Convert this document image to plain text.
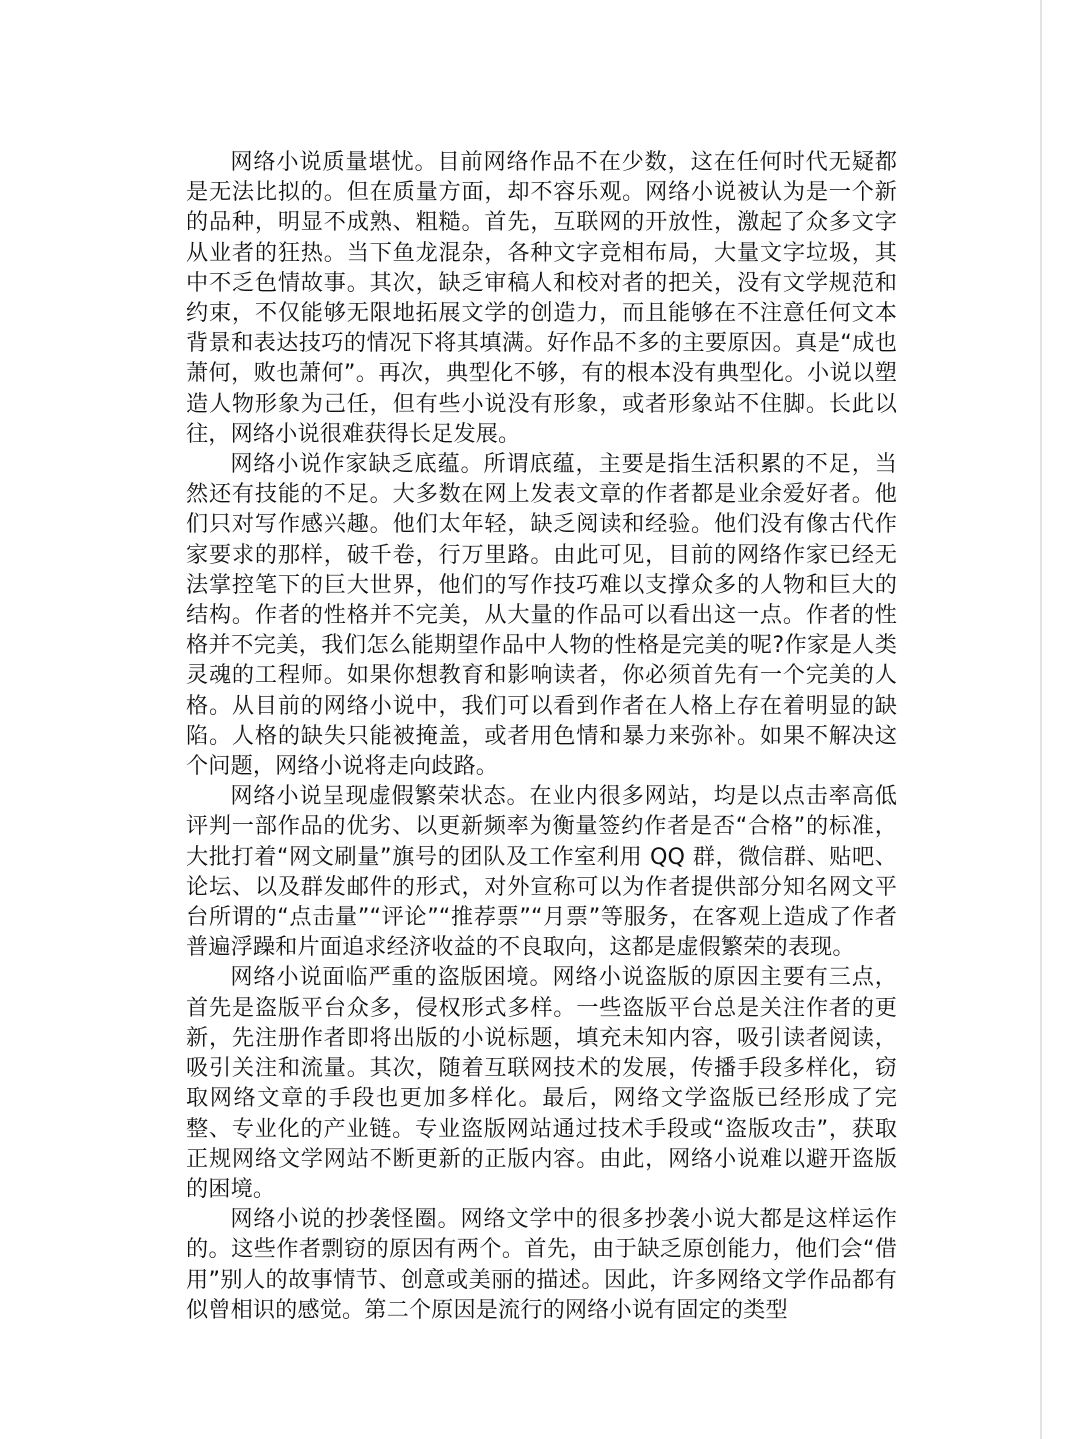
网络小说质量堪忧。目前网络作品不在少数，这在任何时代无疑都是无法比拟的。但在质量方面，却不容乐观。网络小说被认为是一个新的品种，明显不成熟、粗糙。首先，互联网的开放性，激起了众多文字从业者的狂热。当下鱼龙混杂，各种文字竞相布局，大量文字垃圾，其中不乏色情故事。其次，缺乏审稿人和校对者的把关，没有文学规范和约束，不仅能够无限地拓展文学的创造力，而且能够在不注意任何文本背景和表达技巧的情况下将其填满。好作品不多的主要原因。真是“成也萧何，败也萧何”。再次，典型化不够，有的根本没有典型化。小说以塑造人物形象为己任，但有些小说没有形象，或者形象站不住脚。长此以往，网络小说很难获得长足发展。

网络小说作家缺乏底蕴。所谓底蕴，主要是指生活积累的不足，当然还有技能的不足。大多数在网上发表文章的作者都是业余爱好者。他们只对写作感兴趣。他们太年轻，缺乏阅读和经验。他们没有像古代作家要求的那样，破千卷，行万里路。由此可见，目前的网络作家已经无法掌控笔下的巨大世界，他们的写作技巧难以支撑众多的人物和巨大的结构。作者的性格并不完美，从大量的作品可以看出这一点。作者的性格并不完美，我们怎么能期望作品中人物的性格是完美的呢?作家是人类灵魂的工程师。如果你想教育和影响读者，你必须首先有一个完美的人格。从目前的网络小说中，我们可以看到作者在人格上存在着明显的缺陷。人格的缺失只能被掩盖，或者用色情和暴力来弥补。如果不解决这个问题，网络小说将走向歧路。

网络小说呈现虚假繁荣状态。在业内很多网站，均是以点击率高低评判一部作品的优劣、以更新频率为衡量签约作者是否“合格”的标准，大批打着“网文刷量”旗号的团队及工作室利用 QQ 群，微信群、贴吧、论坛、以及群发邮件的形式，对外宣称可以为作者提供部分知名网文平台所谓的“点击量”“评论”“推荐票”“月票”等服务，在客观上造成了作者普遍浮躁和片面追求经济收益的不良取向，这都是虚假繁荣的表现。

网络小说面临严重的盗版困境。网络小说盗版的原因主要有三点，首先是盗版平台众多，侵权形式多样。一些盗版平台总是关注作者的更新，先注册作者即将出版的小说标题，填充未知内容，吸引读者阅读，吸引关注和流量。其次，随着互联网技术的发展，传播手段多样化，窃取网络文章的手段也更加多样化。最后，网络文学盗版已经形成了完整、专业化的产业链。专业盗版网站通过技术手段或“盗版攻击”，获取正规网络文学网站不断更新的正版内容。由此，网络小说难以避开盗版的困境。

网络小说的抄袭怪圈。网络文学中的很多抄袭小说大都是这样运作的。这些作者剽窃的原因有两个。首先，由于缺乏原创能力，他们会“借用”别人的故事情节、创意或美丽的描述。因此，许多网络文学作品都有似曾相识的感觉。第二个原因是流行的网络小说有固定的类型
